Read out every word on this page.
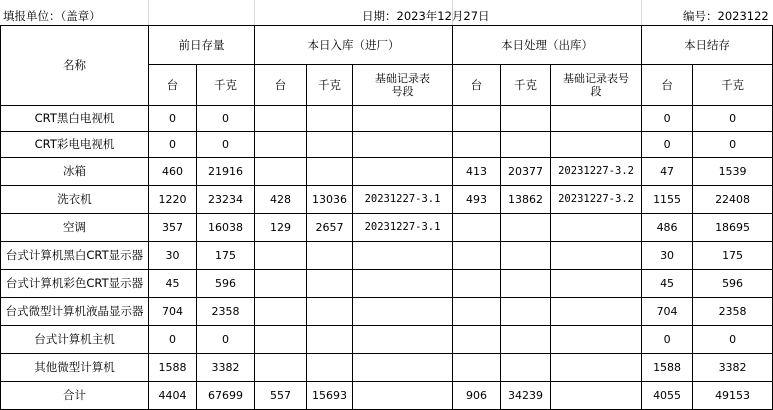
填报单位：（盖章）	日期：2023年12月27日	编号：2023122
名称	前日存量		本日入库（进厂）			本日处理（出库）			本日结存	
	台	千克	台	千克	基础记录表号段	台	千克	基础记录表号段	台	千克
CRT黑白电视机	0	0							0	0
CRT彩电电视机	0	0							0	0
冰箱	460	21916				413	20377	20231227-3.2	47	1539
洗衣机	1220	23234	428	13036	20231227-3.1	493	13862	20231227-3.2	1155	22408
空调	357	16038	129	2657	20231227-3.1				486	18695
台式计算机黑白CRT显示器	30	175							30	175
台式计算机彩色CRT显示器	45	596							45	596
台式微型计算机液晶显示器	704	2358							704	2358
台式计算机主机	0	0							0	0
其他微型计算机	1588	3382							1588	3382
合计	4404	67699	557	15693		906	34239		4055	49153
